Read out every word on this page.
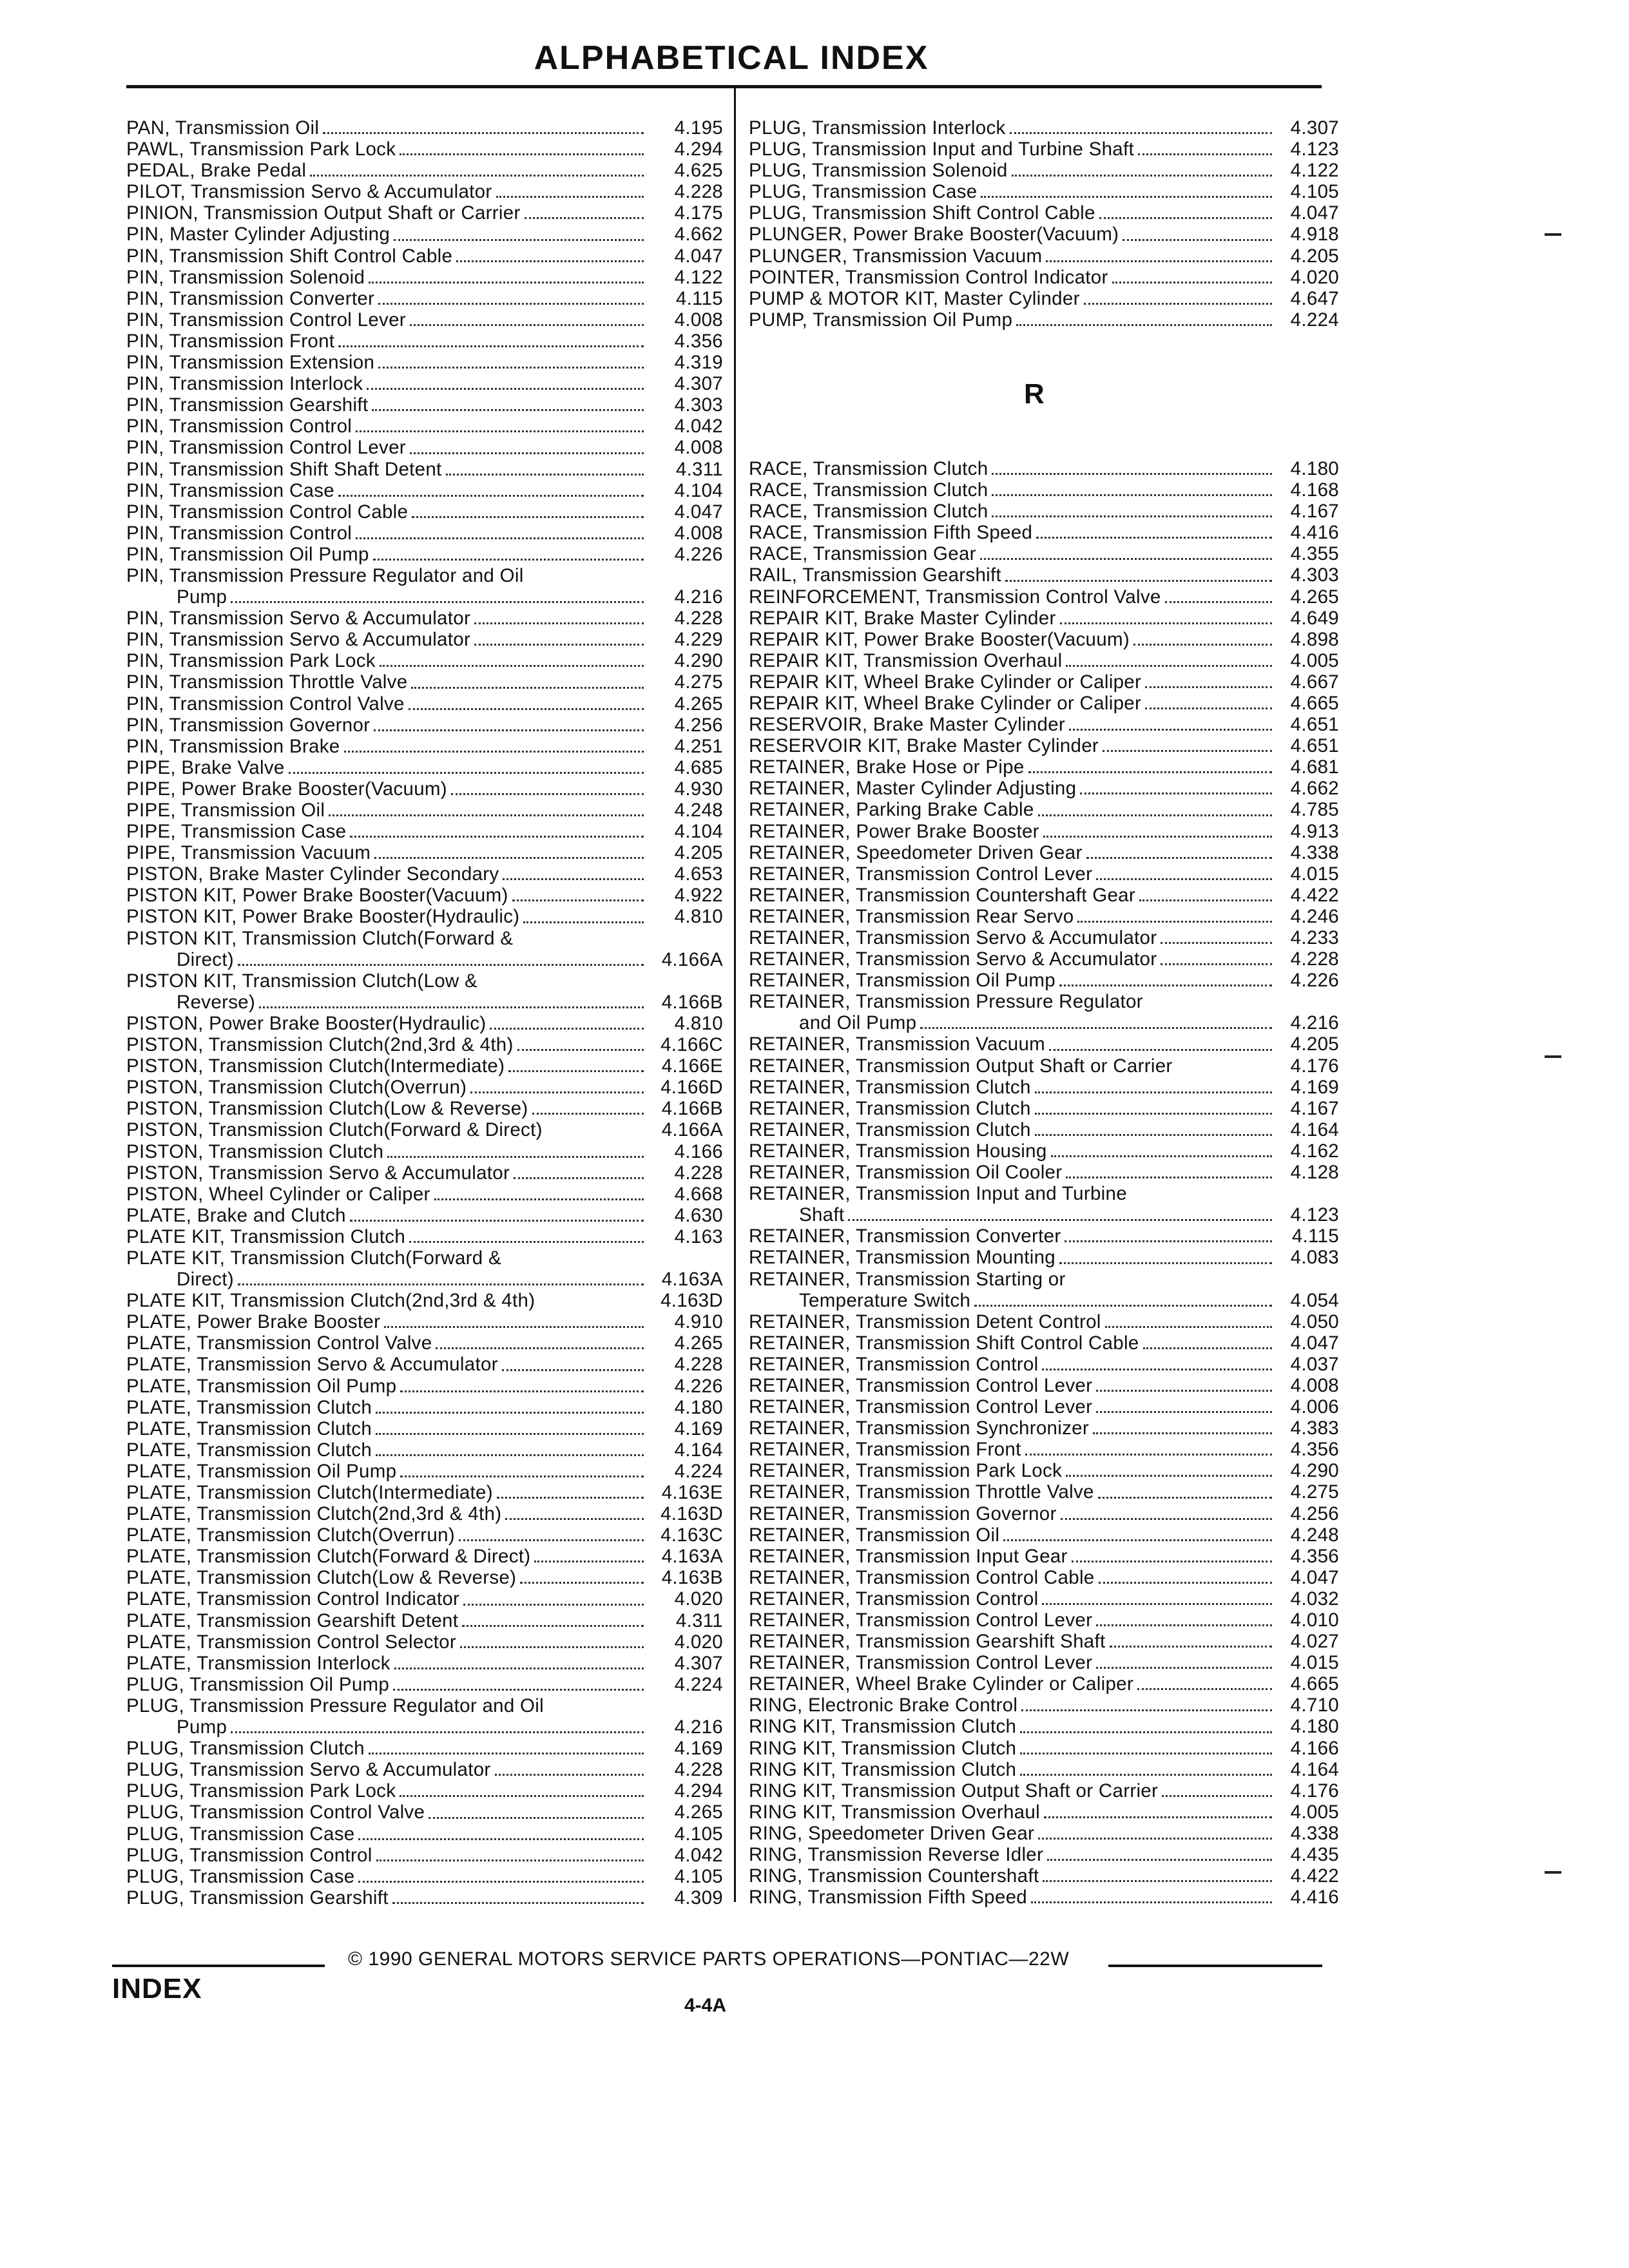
ALPHABETICAL INDEX
PAN, Transmission Oil	4.195
PAWL, Transmission Park Lock	4.294
PEDAL, Brake Pedal	4.625
PILOT, Transmission Servo & Accumulator	4.228
PINION, Transmission Output Shaft or Carrier	4.175
PIN, Master Cylinder Adjusting	4.662
PIN, Transmission Shift Control Cable	4.047
PIN, Transmission Solenoid	4.122
PIN, Transmission Converter	4.115
PIN, Transmission Control Lever	4.008
PIN, Transmission Front	4.356
PIN, Transmission Extension	4.319
PIN, Transmission Interlock	4.307
PIN, Transmission Gearshift	4.303
PIN, Transmission Control	4.042
PIN, Transmission Control Lever	4.008
PIN, Transmission Shift Shaft Detent	4.311
PIN, Transmission Case	4.104
PIN, Transmission Control Cable	4.047
PIN, Transmission Control	4.008
PIN, Transmission Oil Pump	4.226
PIN, Transmission Pressure Regulator and Oil
Pump	4.216
PIN, Transmission Servo & Accumulator	4.228
PIN, Transmission Servo & Accumulator	4.229
PIN, Transmission Park Lock	4.290
PIN, Transmission Throttle Valve	4.275
PIN, Transmission Control Valve	4.265
PIN, Transmission Governor	4.256
PIN, Transmission Brake	4.251
PIPE, Brake Valve	4.685
PIPE, Power Brake Booster(Vacuum)	4.930
PIPE, Transmission Oil	4.248
PIPE, Transmission Case	4.104
PIPE, Transmission Vacuum	4.205
PISTON, Brake Master Cylinder Secondary	4.653
PISTON KIT, Power Brake Booster(Vacuum)	4.922
PISTON KIT, Power Brake Booster(Hydraulic)	4.810
PISTON KIT, Transmission Clutch(Forward &
Direct)	4.166A
PISTON KIT, Transmission Clutch(Low &
Reverse)	4.166B
PISTON, Power Brake Booster(Hydraulic)	4.810
PISTON, Transmission Clutch(2nd,3rd & 4th)	4.166C
PISTON, Transmission Clutch(Intermediate)	4.166E
PISTON, Transmission Clutch(Overrun)	4.166D
PISTON, Transmission Clutch(Low & Reverse)	4.166B
PISTON, Transmission Clutch(Forward & Direct)	4.166A
PISTON, Transmission Clutch	4.166
PISTON, Transmission Servo & Accumulator	4.228
PISTON, Wheel Cylinder or Caliper	4.668
PLATE, Brake and Clutch	4.630
PLATE KIT, Transmission Clutch	4.163
PLATE KIT, Transmission Clutch(Forward &
Direct)	4.163A
PLATE KIT, Transmission Clutch(2nd,3rd & 4th)	4.163D
PLATE, Power Brake Booster	4.910
PLATE, Transmission Control Valve	4.265
PLATE, Transmission Servo & Accumulator	4.228
PLATE, Transmission Oil Pump	4.226
PLATE, Transmission Clutch	4.180
PLATE, Transmission Clutch	4.169
PLATE, Transmission Clutch	4.164
PLATE, Transmission Oil Pump	4.224
PLATE, Transmission Clutch(Intermediate)	4.163E
PLATE, Transmission Clutch(2nd,3rd & 4th)	4.163D
PLATE, Transmission Clutch(Overrun)	4.163C
PLATE, Transmission Clutch(Forward & Direct)	4.163A
PLATE, Transmission Clutch(Low & Reverse)	4.163B
PLATE, Transmission Control Indicator	4.020
PLATE, Transmission Gearshift Detent	4.311
PLATE, Transmission Control Selector	4.020
PLATE, Transmission Interlock	4.307
PLUG, Transmission Oil Pump	4.224
PLUG, Transmission Pressure Regulator and Oil
Pump	4.216
PLUG, Transmission Clutch	4.169
PLUG, Transmission Servo & Accumulator	4.228
PLUG, Transmission Park Lock	4.294
PLUG, Transmission Control Valve	4.265
PLUG, Transmission Case	4.105
PLUG, Transmission Control	4.042
PLUG, Transmission Case	4.105
PLUG, Transmission Gearshift	4.309
PLUG, Transmission Interlock	4.307
PLUG, Transmission Input and Turbine Shaft	4.123
PLUG, Transmission Solenoid	4.122
PLUG, Transmission Case	4.105
PLUG, Transmission Shift Control Cable	4.047
PLUNGER, Power Brake Booster(Vacuum)	4.918
PLUNGER, Transmission Vacuum	4.205
POINTER, Transmission Control Indicator	4.020
PUMP & MOTOR KIT, Master Cylinder	4.647
PUMP, Transmission Oil Pump	4.224
R
RACE, Transmission Clutch	4.180
RACE, Transmission Clutch	4.168
RACE, Transmission Clutch	4.167
RACE, Transmission Fifth Speed	4.416
RACE, Transmission Gear	4.355
RAIL, Transmission Gearshift	4.303
REINFORCEMENT, Transmission Control Valve	4.265
REPAIR KIT, Brake Master Cylinder	4.649
REPAIR KIT, Power Brake Booster(Vacuum)	4.898
REPAIR KIT, Transmission Overhaul	4.005
REPAIR KIT, Wheel Brake Cylinder or Caliper	4.667
REPAIR KIT, Wheel Brake Cylinder or Caliper	4.665
RESERVOIR, Brake Master Cylinder	4.651
RESERVOIR KIT, Brake Master Cylinder	4.651
RETAINER, Brake Hose or Pipe	4.681
RETAINER, Master Cylinder Adjusting	4.662
RETAINER, Parking Brake Cable	4.785
RETAINER, Power Brake Booster	4.913
RETAINER, Speedometer Driven Gear	4.338
RETAINER, Transmission Control Lever	4.015
RETAINER, Transmission Countershaft Gear	4.422
RETAINER, Transmission Rear Servo	4.246
RETAINER, Transmission Servo & Accumulator	4.233
RETAINER, Transmission Servo & Accumulator	4.228
RETAINER, Transmission Oil Pump	4.226
RETAINER, Transmission Pressure Regulator
and Oil Pump	4.216
RETAINER, Transmission Vacuum	4.205
RETAINER, Transmission Output Shaft or Carrier	4.176
RETAINER, Transmission Clutch	4.169
RETAINER, Transmission Clutch	4.167
RETAINER, Transmission Clutch	4.164
RETAINER, Transmission Housing	4.162
RETAINER, Transmission Oil Cooler	4.128
RETAINER, Transmission Input and Turbine
Shaft	4.123
RETAINER, Transmission Converter	4.115
RETAINER, Transmission Mounting	4.083
RETAINER, Transmission Starting or
Temperature Switch	4.054
RETAINER, Transmission Detent Control	4.050
RETAINER, Transmission Shift Control Cable	4.047
RETAINER, Transmission Control	4.037
RETAINER, Transmission Control Lever	4.008
RETAINER, Transmission Control Lever	4.006
RETAINER, Transmission Synchronizer	4.383
RETAINER, Transmission Front	4.356
RETAINER, Transmission Park Lock	4.290
RETAINER, Transmission Throttle Valve	4.275
RETAINER, Transmission Governor	4.256
RETAINER, Transmission Oil	4.248
RETAINER, Transmission Input Gear	4.356
RETAINER, Transmission Control Cable	4.047
RETAINER, Transmission Control	4.032
RETAINER, Transmission Control Lever	4.010
RETAINER, Transmission Gearshift Shaft	4.027
RETAINER, Transmission Control Lever	4.015
RETAINER, Wheel Brake Cylinder or Caliper	4.665
RING, Electronic Brake Control	4.710
RING KIT, Transmission Clutch	4.180
RING KIT, Transmission Clutch	4.166
RING KIT, Transmission Clutch	4.164
RING KIT, Transmission Output Shaft or Carrier	4.176
RING KIT, Transmission Overhaul	4.005
RING, Speedometer Driven Gear	4.338
RING, Transmission Reverse Idler	4.435
RING, Transmission Countershaft	4.422
RING, Transmission Fifth Speed	4.416
© 1990 GENERAL MOTORS SERVICE PARTS OPERATIONS—PONTIAC—22W
INDEX
4-4A
